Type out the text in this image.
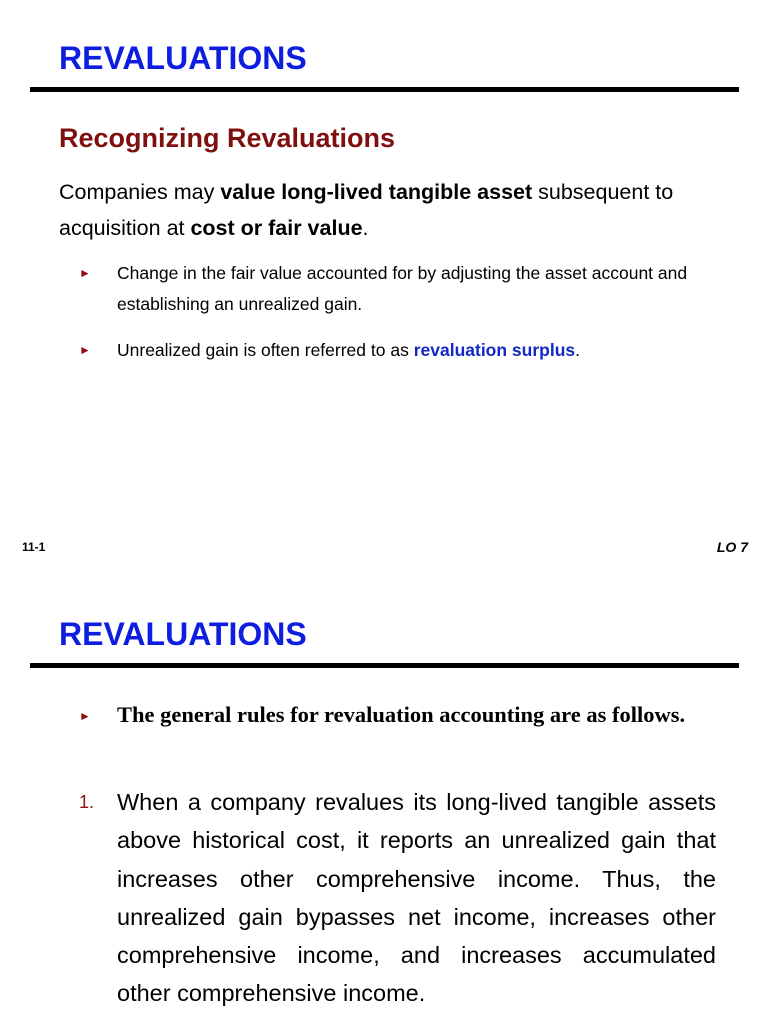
REVALUATIONS
Recognizing Revaluations

Companies may value long-lived tangible asset subsequent to acquisition at cost or fair value.

► Change in the fair value accounted for by adjusting the asset account and establishing an unrealized gain.
► Unrealized gain is often referred to as revaluation surplus.
11-1	LO 7
REVALUATIONS
► The general rules for revaluation accounting are as follows.
1. When a company revalues its long-lived tangible assets above historical cost, it reports an unrealized gain that increases other comprehensive income. Thus, the unrealized gain bypasses net income, increases other comprehensive income, and increases accumulated other comprehensive income.
